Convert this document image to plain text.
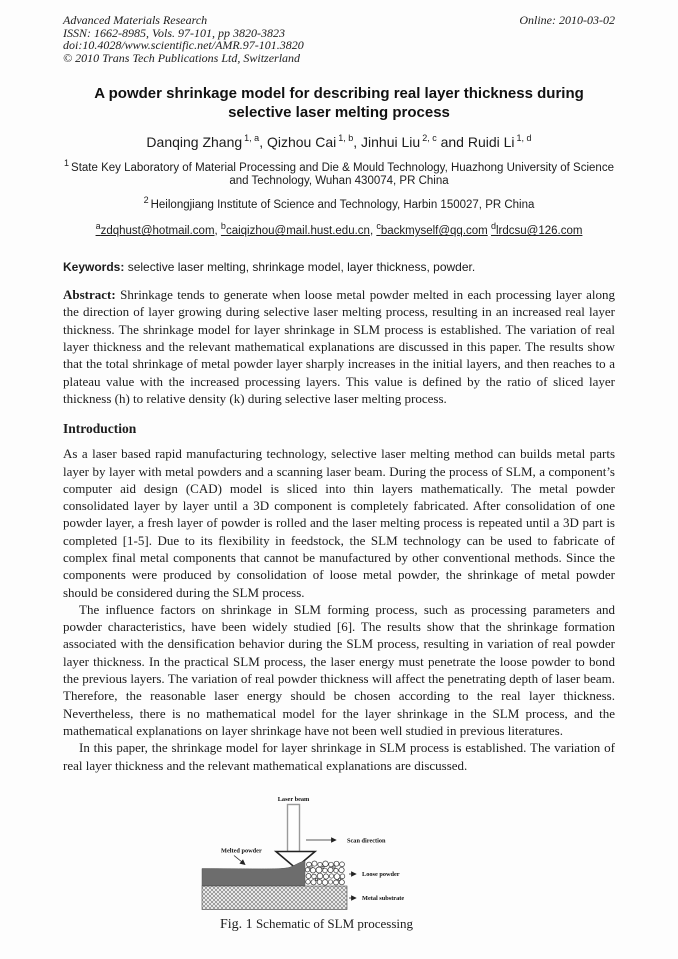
Advanced Materials Research
ISSN: 1662-8985, Vols. 97-101, pp 3820-3823
doi:10.4028/www.scientific.net/AMR.97-101.3820
© 2010 Trans Tech Publications Ltd, Switzerland
Online: 2010-03-02
A powder shrinkage model for describing real layer thickness during selective laser melting process
Danqing Zhang $^{1, a}$, Qizhou Cai $^{1, b}$, Jinhui Liu $^{2, c}$ and Ruidi Li $^{1, d}$
$^1$ State Key Laboratory of Material Processing and Die & Mould Technology, Huazhong University of Science and Technology, Wuhan 430074, PR China
$^2$ Heilongjiang Institute of Science and Technology, Harbin 150027, PR China
$^a$zdqhust@hotmail.com, $^b$caiqizhou@mail.hust.edu.cn, $^c$backmyself@qq.com $^d$lrdcsu@126.com
Keywords: selective laser melting, shrinkage model, layer thickness, powder.

Abstract: Shrinkage tends to generate when loose metal powder melted in each processing layer along the direction of layer growing during selective laser melting process, resulting in an increased real layer thickness. The shrinkage model for layer shrinkage in SLM process is established. The variation of real layer thickness and the relevant mathematical explanations are discussed in this paper. The results show that the total shrinkage of metal powder layer sharply increases in the initial layers, and then reaches to a plateau value with the increased processing layers. This value is defined by the ratio of sliced layer thickness (h) to relative density (k) during selective laser melting process.

Introduction

As a laser based rapid manufacturing technology, selective laser melting method can builds metal parts layer by layer with metal powders and a scanning laser beam. During the process of SLM, a component’s computer aid design (CAD) model is sliced into thin layers mathematically. The metal powder consolidated layer by layer until a 3D component is completely fabricated. After consolidation of one powder layer, a fresh layer of powder is rolled and the laser melting process is repeated until a 3D part is completed [1-5]. Due to its flexibility in feedstock, the SLM technology can be used to fabricate of complex final metal components that cannot be manufactured by other conventional methods. Since the components were produced by consolidation of loose metal powder, the shrinkage of metal powder should be considered during the SLM process.

The influence factors on shrinkage in SLM forming process, such as processing parameters and powder characteristics, have been widely studied [6]. The results show that the shrinkage formation associated with the densification behavior during the SLM process, resulting in variation of real powder layer thickness. In the practical SLM process, the laser energy must penetrate the loose powder to bond the previous layers. The variation of real powder thickness will affect the penetrating depth of laser beam. Therefore, the reasonable laser energy should be chosen according to the real layer thickness. Nevertheless, there is no mathematical model for the layer shrinkage in the SLM process, and the mathematical explanations on layer shrinkage have not been well studied in previous literatures.

In this paper, the shrinkage model for layer shrinkage in SLM process is established. The variation of real layer thickness and the relevant mathematical explanations are discussed.

Laser beam
Scan direction
Melted powder
Loose powder
Metal substrate
Fig. 1 Schematic of SLM processing
